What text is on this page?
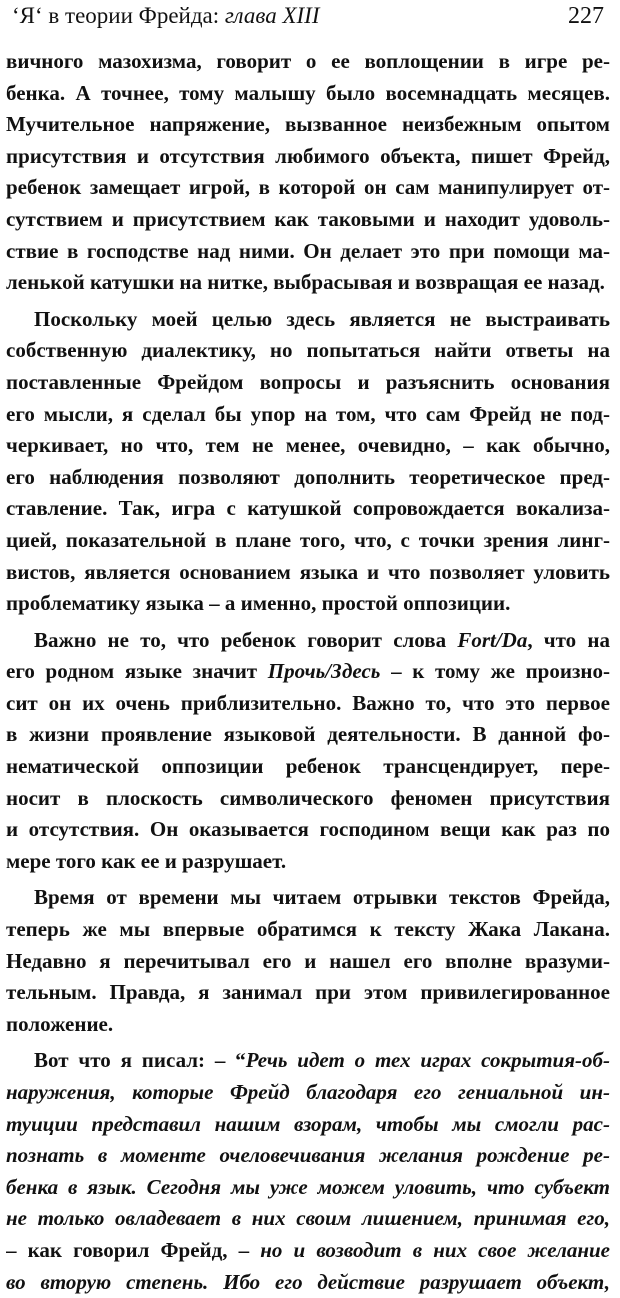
‘Я‘ в теории Фрейда: глава XIII	227
вичного мазохизма, говорит о ее воплощении в игре ре-
бенка. А точнее, тому малышу было восемнадцать месяцев.
Мучительное напряжение, вызванное неизбежным опытом
присутствия и отсутствия любимого объекта, пишет Фрейд,
ребенок замещает игрой, в которой он сам манипулирует от-
сутствием и присутствием как таковыми и находит удоволь-
ствие в господстве над ними. Он делает это при помощи ма-
ленькой катушки на нитке, выбрасывая и возвращая ее назад.
Поскольку моей целью здесь является не выстраивать
собственную диалектику, но попытаться найти ответы на
поставленные Фрейдом вопросы и разъяснить основания
его мысли, я сделал бы упор на том, что сам Фрейд не под-
черкивает, но что, тем не менее, очевидно, – как обычно,
его наблюдения позволяют дополнить теоретическое пред-
ставление. Так, игра с катушкой сопровождается вокализа-
цией, показательной в плане того, что, с точки зрения линг-
вистов, является основанием языка и что позволяет уловить
проблематику языка – а именно, простой оппозиции.
Важно не то, что ребенок говорит слова Fort/Da, что на
его родном языке значит Прочь/Здесь – к тому же произно-
сит он их очень приблизительно. Важно то, что это первое
в жизни проявление языковой деятельности. В данной фо-
нематической оппозиции ребенок трансцендирует, пере-
носит в плоскость символического феномен присутствия
и отсутствия. Он оказывается господином вещи как раз по
мере того как ее и разрушает.
Время от времени мы читаем отрывки текстов Фрейда,
теперь же мы впервые обратимся к тексту Жака Лакана.
Недавно я перечитывал его и нашел его вполне вразуми-
тельным. Правда, я занимал при этом привилегированное
положение.
Вот что я писал: – “Речь идет о тех играх сокрытия-об-
наружения, которые Фрейд благодаря его гениальной ин-
туиции представил нашим взорам, чтобы мы смогли рас-
познать в моменте очеловечивания желания рождение ре-
бенка в язык. Сегодня мы уже можем уловить, что субъект
не только овладевает в них своим лишением, принимая его,
– как говорил Фрейд, – но и возводит в них свое желание
во вторую степень. Ибо его действие разрушает объект,
